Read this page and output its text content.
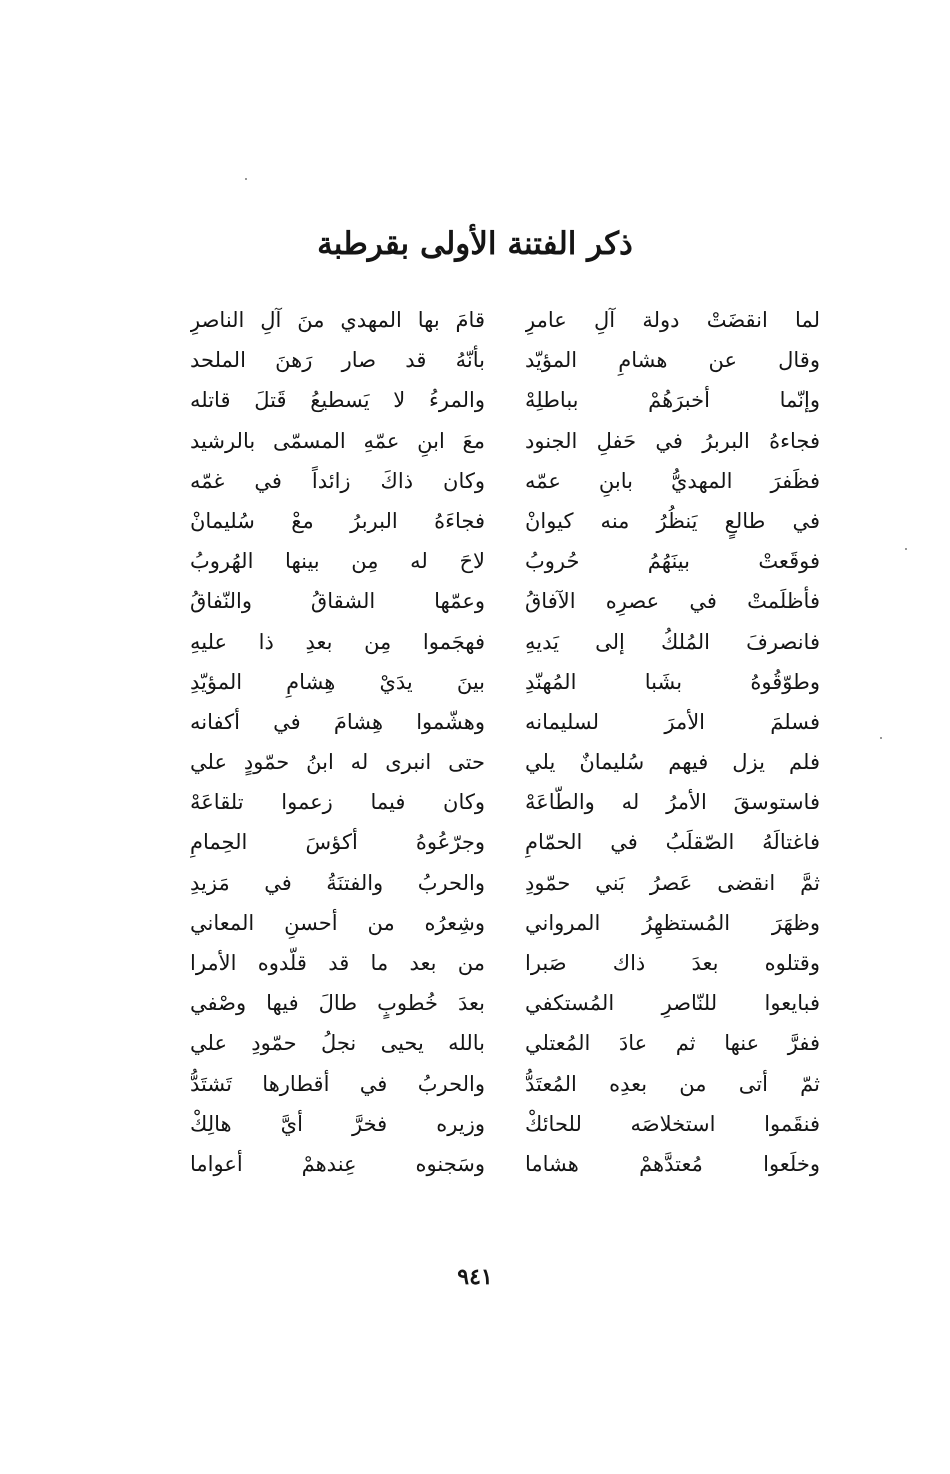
ذكر الفتنة الأولى بقرطبة
لما انقضَتْ دولة آلِ عامرِ
قامَ بها المهدي منَ آلِ الناصرِ
وقال عن هشامِ المؤيّد
بأنّهُ قد صار رَهنَ الملحد
وإنّما أخبرَهُمْ بباطلِهْ
والمرءُ لا يَسطيعُ قَتلَ قاتله
فجاءهُ البربرُ في حَفلِ الجنود
معَ ابنِ عمّهِ المسمّى بالرشيد
فظَفرَ المهديُّ بابنِ عمّه
وكان ذاكَ زائداً في غمّه
في طالعٍ يَنظُرُ منه كيوانْ
فجاءَهُ البربرُ معْ سُليمانْ
فوقَعتْ بينَهُمُ حُروبُ
لاحَ له مِن بينها الهُروبُ
فأظلَمتْ في عصرِه الآفاقُ
وعمّها الشقاقُ والنّفاقُ
فانصرفَ المُلكُ إلى يَديهِ
فهجَموا مِن بعدِ ذا عليهِ
وطوّقُوهُ بشَبا المُهنّدِ
بينَ يدَيْ هِشامِ المؤيّدِ
فسلمَ الأمرَ لسليمانه
وهشّموا هِشامَ في أكفانه
فلم يزل فيهم سُليمانٌ يلي
حتى انبرى له ابنُ حمّودٍ علي
فاستوسقَ الأمرُ له والطّاعَهْ
وكان فيما زعموا تلقاعَهْ
فاغتالَهُ الصّقلَبُ في الحمّامِ
وجرّعُوهُ أكؤسَ الحِمامِ
ثمَّ انقضى عَصرُ بَني حمّودِ
والحربُ والفتنَةُ في مَزيدِ
وظهَرَ المُستظهِرُ المرواني
وشِعرُه من أحسنِ المعاني
وقتلوه بعدَ ذاك صَبرا
من بعد ما قد قلّدوه الأمرا
فبايعوا للنّاصرِ المُستكفي
بعدَ خُطوبٍ طالَ فيها وصْفي
ففرَّ عنها ثم عادَ المُعتلي
بالله يحيى نجلُ حمّودِ علي
ثمّ أتى من بعدِه المُعتَدُّ
والحربُ في أقطارها تَشتَدُّ
فنقَموا استخلاصَه للحائكْ
وزيره فخرَّ أيَّ هالِكْ
وخلَعوا مُعتدَّهمْ هشاما
وسَجنوه عِندهمْ أعواما
٩٤١
